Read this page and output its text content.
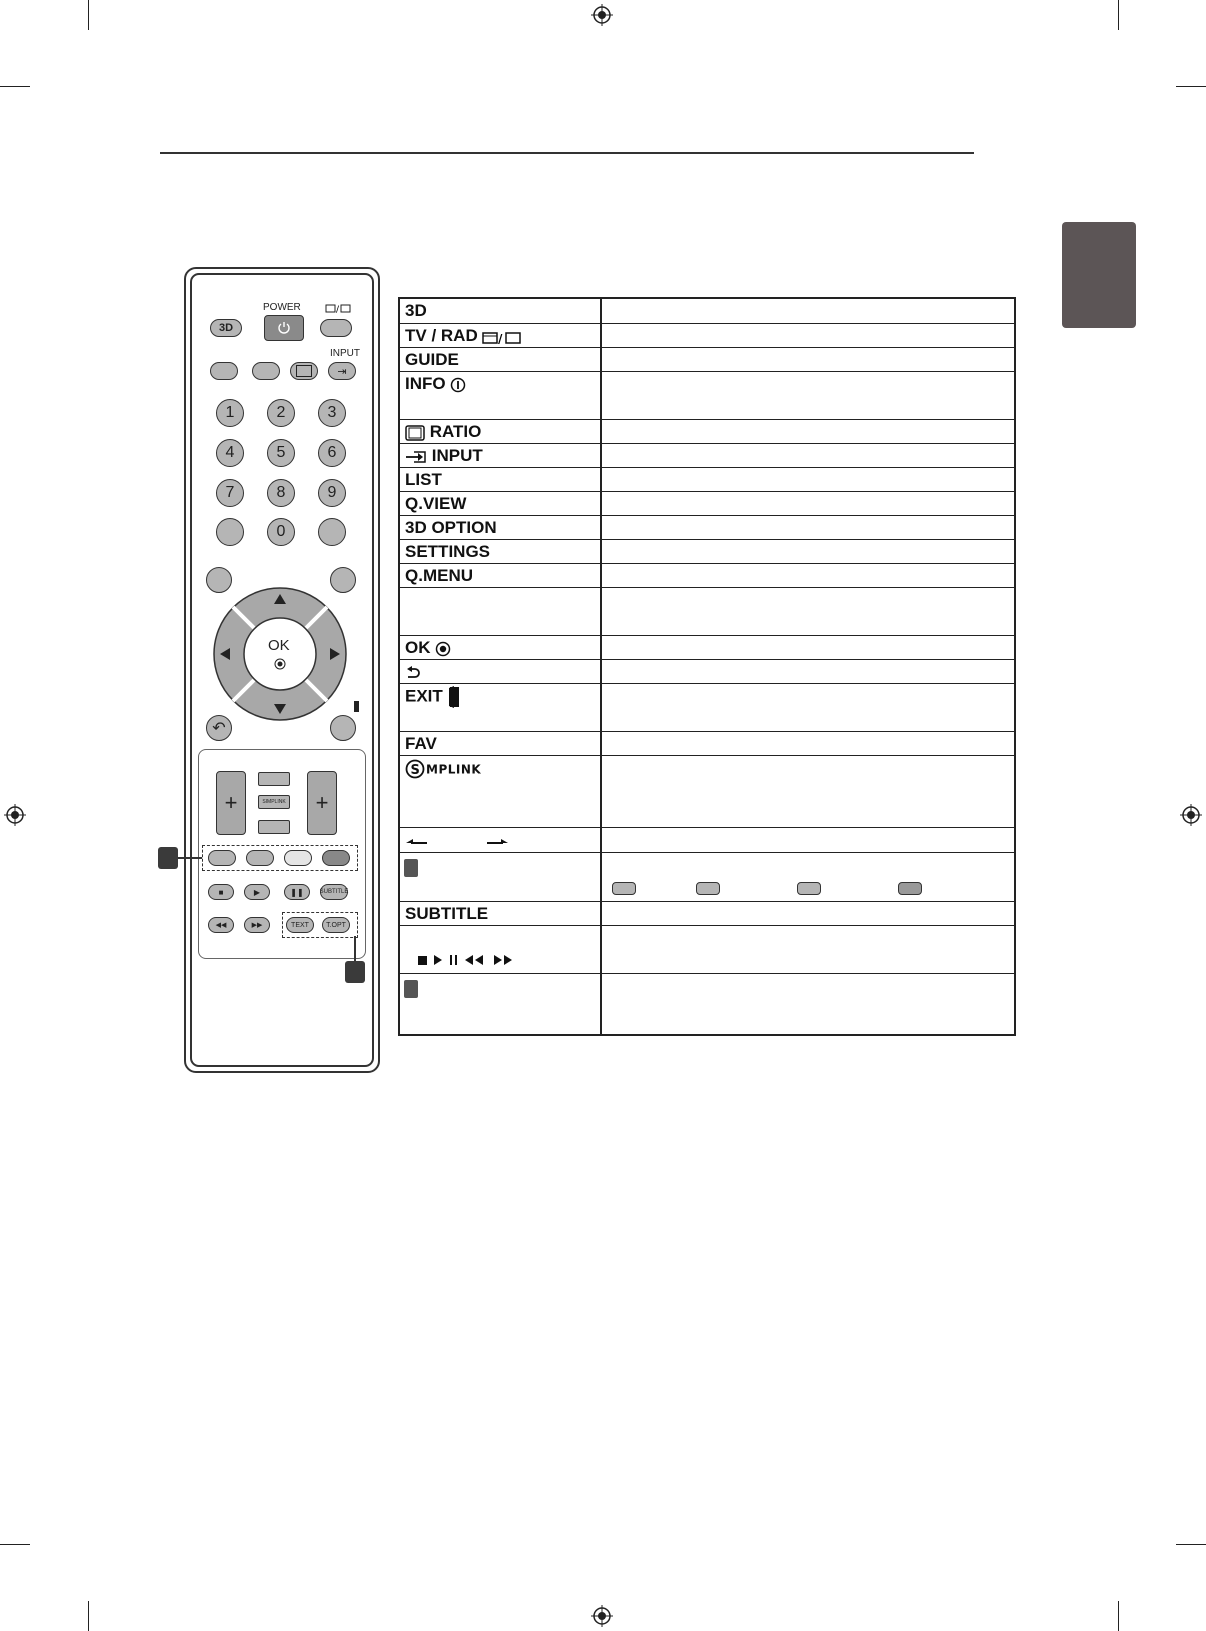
POWER
3D
/
INPUT
⇥
1	2	3
4	5	6
7	8	9
0
OK
↶
+	+
SIMPLINK
■	▶	❚❚	SUBTITLE
◀◀	▶▶	TEXT	T.OPT
3D
TV / RAD /
GUIDE
INFO
RATIO
INPUT
LIST
Q.VIEW
3D OPTION
SETTINGS
Q.MENU
OK
EXIT
FAV
S MPLINK
SUBTITLE
